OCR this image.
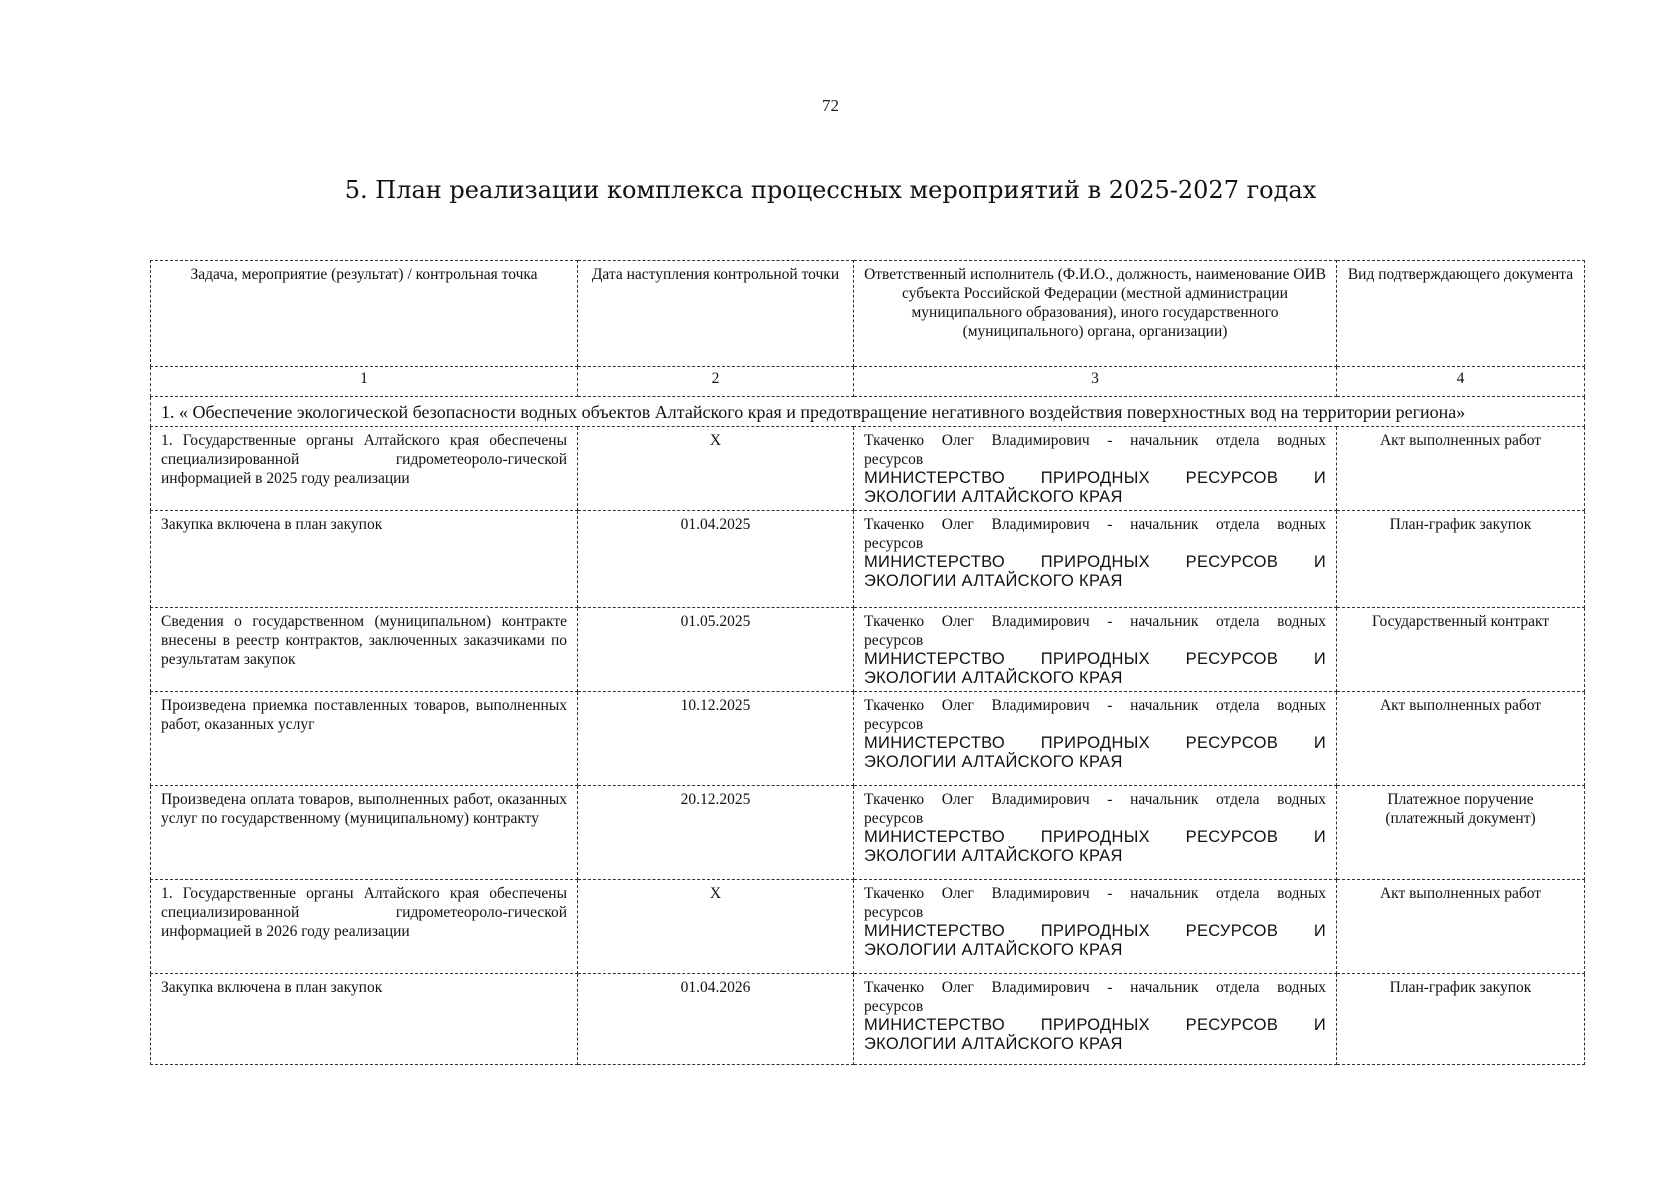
72
5. План реализации комплекса процессных мероприятий в 2025-2027 годах
Задача, мероприятие (результат) / контрольная точка	Дата наступления контрольной точки	Ответственный исполнитель (Ф.И.О., должность, наименование ОИВ субъекта Российской Федерации (местной администрации муниципального образования), иного государственного (муниципального) органа, организации)	Вид подтверждающего документа
1	2	3	4
1. « Обеспечение экологической безопасности водных объектов Алтайского края и предотвращение негативного воздействия поверхностных вод на территории региона»			
1. Государственные органы Алтайского края обеспечены специализированной гидрометеороло-гической информацией в 2025 году реализации	X	Ткаченко Олег Владимирович - начальник отдела водных
ресурсов
МИНИСТЕРСТВО ПРИРОДНЫХ РЕСУРСОВ И
ЭКОЛОГИИ АЛТАЙСКОГО КРАЯ	Акт выполненных работ
Закупка включена в план закупок	01.04.2025	Ткаченко Олег Владимирович - начальник отдела водных
ресурсов
МИНИСТЕРСТВО ПРИРОДНЫХ РЕСУРСОВ И
ЭКОЛОГИИ АЛТАЙСКОГО КРАЯ	План-график закупок
Сведения о государственном (муниципальном) контракте внесены в реестр контрактов, заключенных заказчиками по результатам закупок	01.05.2025	Ткаченко Олег Владимирович - начальник отдела водных
ресурсов
МИНИСТЕРСТВО ПРИРОДНЫХ РЕСУРСОВ И
ЭКОЛОГИИ АЛТАЙСКОГО КРАЯ	Государственный контракт
Произведена приемка поставленных товаров, выполненных работ, оказанных услуг	10.12.2025	Ткаченко Олег Владимирович - начальник отдела водных
ресурсов
МИНИСТЕРСТВО ПРИРОДНЫХ РЕСУРСОВ И
ЭКОЛОГИИ АЛТАЙСКОГО КРАЯ	Акт выполненных работ
Произведена оплата товаров, выполненных работ, оказанных услуг по государственному (муниципальному) контракту	20.12.2025	Ткаченко Олег Владимирович - начальник отдела водных
ресурсов
МИНИСТЕРСТВО ПРИРОДНЫХ РЕСУРСОВ И
ЭКОЛОГИИ АЛТАЙСКОГО КРАЯ	Платежное поручение (платежный документ)
1. Государственные органы Алтайского края обеспечены специализированной гидрометеороло-гической информацией в 2026 году реализации	X	Ткаченко Олег Владимирович - начальник отдела водных
ресурсов
МИНИСТЕРСТВО ПРИРОДНЫХ РЕСУРСОВ И
ЭКОЛОГИИ АЛТАЙСКОГО КРАЯ	Акт выполненных работ
Закупка включена в план закупок	01.04.2026	Ткаченко Олег Владимирович - начальник отдела водных
ресурсов
МИНИСТЕРСТВО ПРИРОДНЫХ РЕСУРСОВ И
ЭКОЛОГИИ АЛТАЙСКОГО КРАЯ	План-график закупок
